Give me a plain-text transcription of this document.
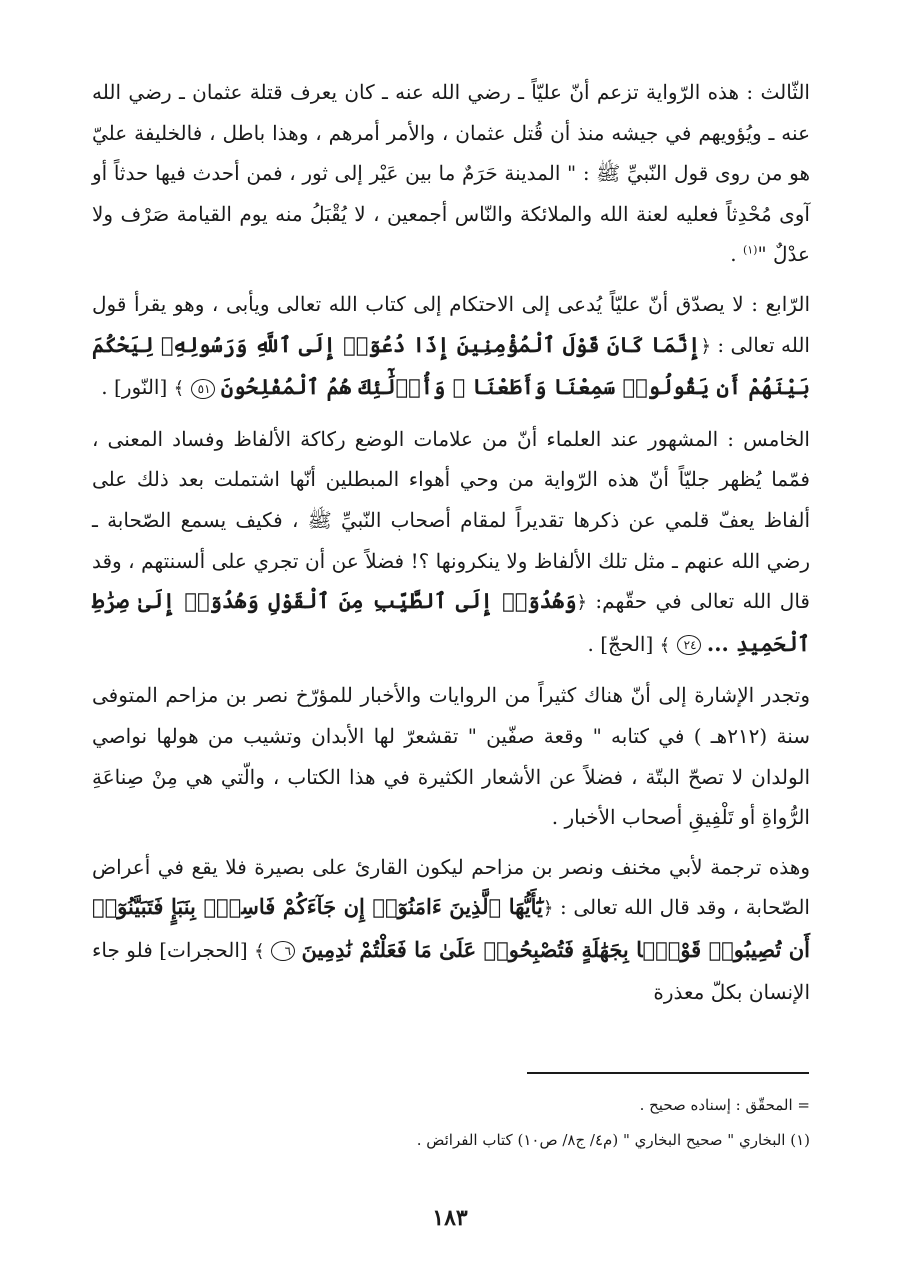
الثّالث : هذه الرّواية تزعم أنّ عليّاً ـ رضي الله عنه ـ كان يعرف قتلة عثمان ـ رضي الله عنه ـ ويُؤويهم في جيشه منذ أن قُتل عثمان ، والأمر أمرهم ، وهذا باطل ، فالخليفة عليّ هو من روى قول النّبيِّ ﷺ : " المدينة حَرَمٌ ما بين عَيْر إلى ثور ، فمن أحدث فيها حدثاً أو آوى مُحْدِثاً فعليه لعنة الله والملائكة والنّاس أجمعين ، لا يُقْبَلُ منه يوم القيامة صَرْف ولا عدْلٌ "$^{(١)}$ .

الرّابع : لا يصدّق أنّ عليّاً يُدعى إلى الاحتكام إلى كتاب الله تعالى ويأبى ، وهو يقرأ قول الله تعالى : ﴿إِنَّمَا كَانَ قَوْلَ ٱلْمُؤْمِنِينَ إِذَا دُعُوٓا۟ إِلَى ٱللَّهِ وَرَسُولِهِۦ لِيَحْكُمَ بَيْنَهُمْ أَن يَقُولُوا۟ سَمِعْنَا وَأَطَعْنَا ۚ وَأُو۟لَٰٓئِكَ هُمُ ٱلْمُفْلِحُونَ ٥١ ﴾ [النّور] .

الخامس : المشهور عند العلماء أنّ من علامات الوضع ركاكة الألفاظ وفساد المعنى ، فمّما يُظهر جليّاً أنّ هذه الرّواية من وحي أهواء المبطلين أنّها اشتملت بعد ذلك على ألفاظ يعفّ قلمي عن ذكرها تقديراً لمقام أصحاب النّبيِّ ﷺ ، فكيف يسمع الصّحابة ـ رضي الله عنهم ـ مثل تلك الألفاظ ولا ينكرونها ؟! فضلاً عن أن تجري على ألسنتهم ، وقد قال الله تعالى في حقّهم: ﴿وَهُدُوٓا۟ إِلَى ٱلطَّيِّبِ مِنَ ٱلْقَوْلِ وَهُدُوٓا۟ إِلَىٰ صِرَٰطِ ٱلْحَمِيدِ ... ٢٤ ﴾ [الحجّ] .

وتجدر الإشارة إلى أنّ هناك كثيراً من الروايات والأخبار للمؤرّخ نصر بن مزاحم المتوفى سنة (٢١٢هـ ) في كتابه " وقعة صفّين " تقشعرّ لها الأبدان وتشيب من هولها نواصي الولدان لا تصحّ البتّة ، فضلاً عن الأشعار الكثيرة في هذا الكتاب ، والّتي هي مِنْ صِناعَةِ الرُّواةِ أو تَلْفِيقِ أصحاب الأخبار .

وهذه ترجمة لأبي مخنف ونصر بن مزاحم ليكون القارئ على بصيرة فلا يقع في أعراض الصّحابة ، وقد قال الله تعالى : ﴿يَٰٓأَيُّهَا ٱلَّذِينَ ءَامَنُوٓا۟ إِن جَآءَكُمْ فَاسِقٌۢ بِنَبَإٍ فَتَبَيَّنُوٓا۟ أَن تُصِيبُوا۟ قَوْمًۢا بِجَهَٰلَةٍ فَتُصْبِحُوا۟ عَلَىٰ مَا فَعَلْتُمْ نَٰدِمِينَ ٦ ﴾ [الحجرات] فلو جاء الإنسان بكلّ معذرة

= المحقّق : إسناده صحيح .

(١) البخاري " صحيح البخاري " (م٤/ ج٨/ ص١٠) كتاب الفرائض .

١٨٣
